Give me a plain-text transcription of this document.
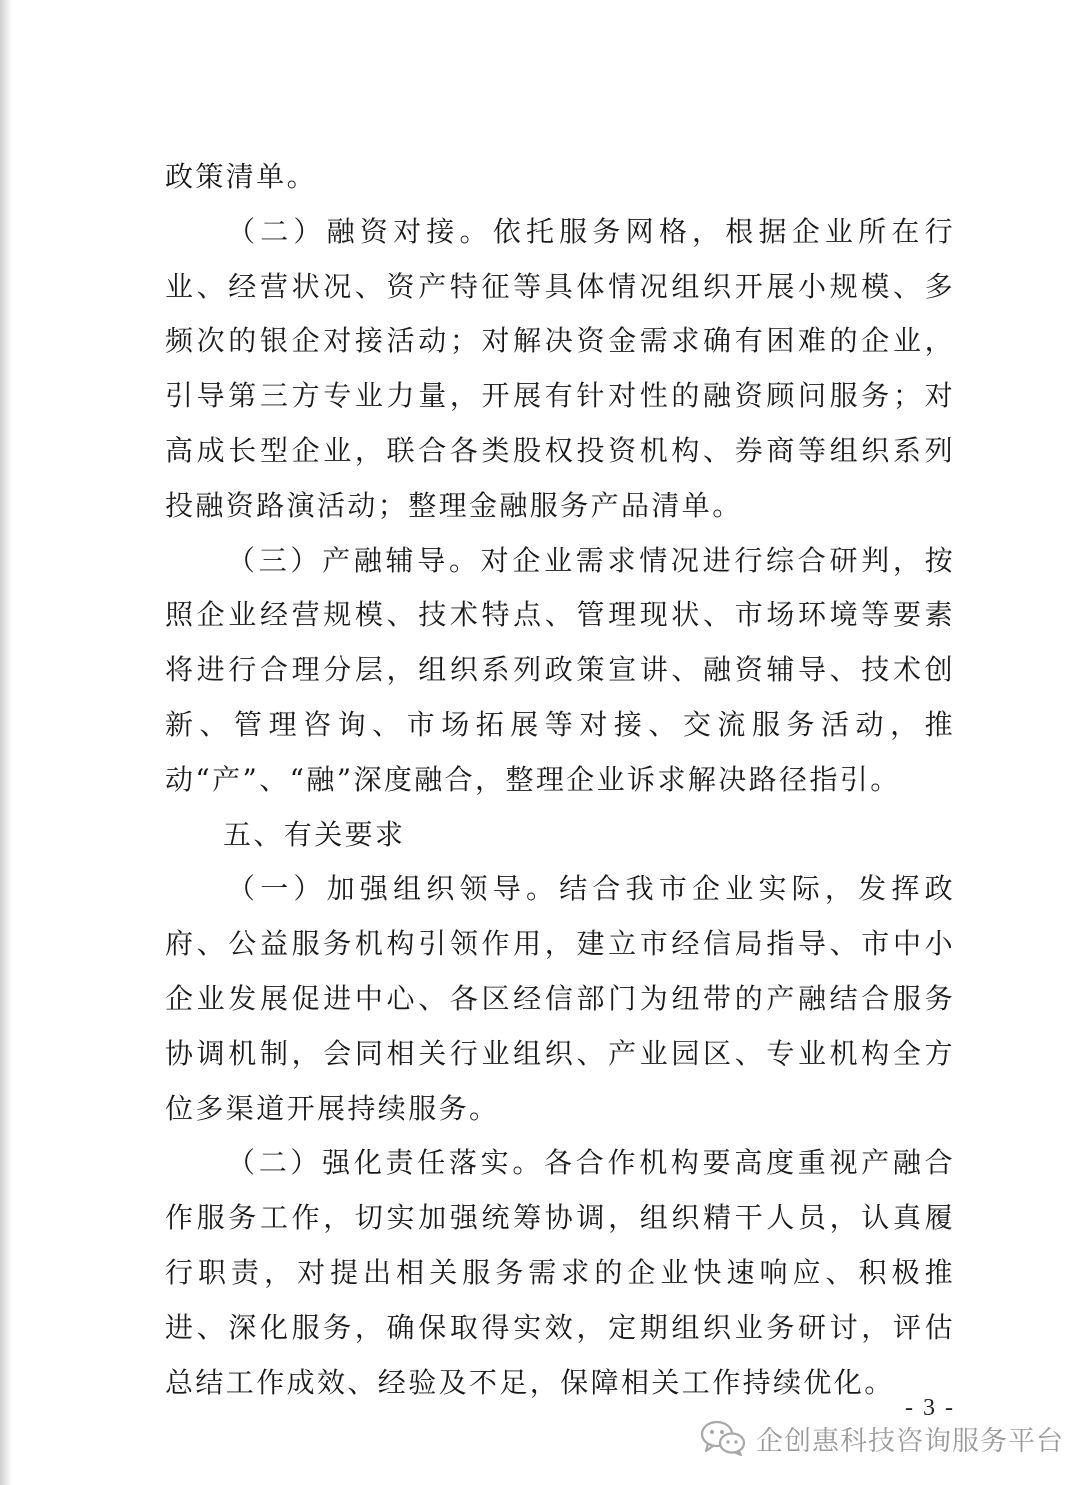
政策清单。

（二）融资对接。依托服务网格，根据企业所在行业、经营状况、资产特征等具体情况组织开展小规模、多频次的银企对接活动；对解决资金需求确有困难的企业，引导第三方专业力量，开展有针对性的融资顾问服务；对高成长型企业，联合各类股权投资机构、券商等组织系列投融资路演活动；整理金融服务产品清单。

（三）产融辅导。对企业需求情况进行综合研判，按照企业经营规模、技术特点、管理现状、市场环境等要素将进行合理分层，组织系列政策宣讲、融资辅导、技术创新、管理咨询、市场拓展等对接、交流服务活动，推动“产”、“融”深度融合，整理企业诉求解决路径指引。

五、有关要求

（一）加强组织领导。结合我市企业实际，发挥政府、公益服务机构引领作用，建立市经信局指导、市中小企业发展促进中心、各区经信部门为纽带的产融结合服务协调机制，会同相关行业组织、产业园区、专业机构全方位多渠道开展持续服务。

（二）强化责任落实。各合作机构要高度重视产融合作服务工作，切实加强统筹协调，组织精干人员，认真履行职责，对提出相关服务需求的企业快速响应、积极推进、深化服务，确保取得实效，定期组织业务研讨，评估总结工作成效、经验及不足，保障相关工作持续优化。

- 3 -
企创惠科技咨询服务平台
